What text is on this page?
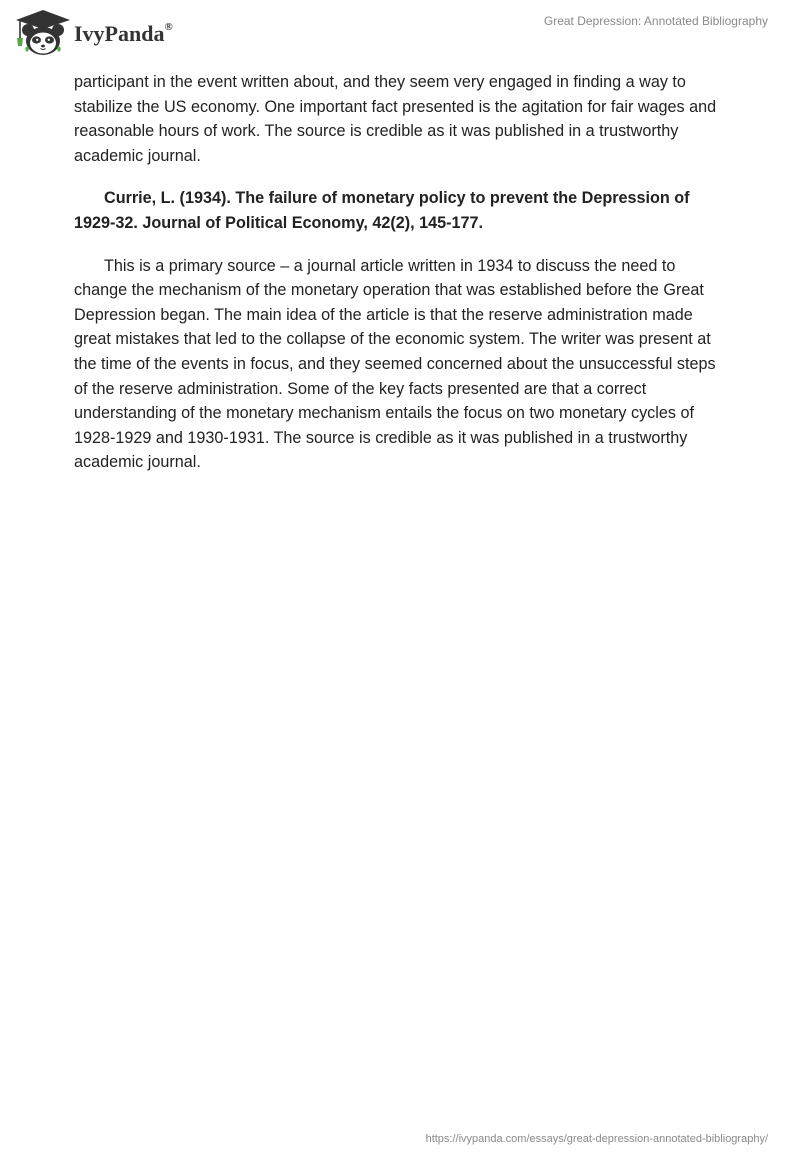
IvyPanda®	Great Depression: Annotated Bibliography

participant in the event written about, and they seem very engaged in finding a way to stabilize the US economy. One important fact presented is the agitation for fair wages and reasonable hours of work. The source is credible as it was published in a trustworthy academic journal.

Currie, L. (1934). The failure of monetary policy to prevent the Depression of 1929-32. Journal of Political Economy, 42(2), 145-177.

This is a primary source – a journal article written in 1934 to discuss the need to change the mechanism of the monetary operation that was established before the Great Depression began. The main idea of the article is that the reserve administration made great mistakes that led to the collapse of the economic system. The writer was present at the time of the events in focus, and they seemed concerned about the unsuccessful steps of the reserve administration. Some of the key facts presented are that a correct understanding of the monetary mechanism entails the focus on two monetary cycles of 1928-1929 and 1930-1931. The source is credible as it was published in a trustworthy academic journal.

https://ivypanda.com/essays/great-depression-annotated-bibliography/
